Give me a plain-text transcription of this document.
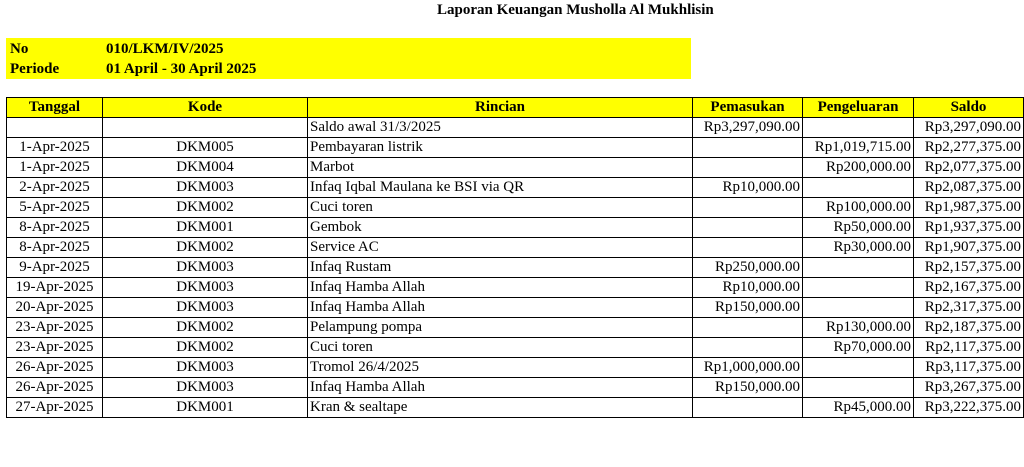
Laporan Keuangan Musholla Al Mukhlisin
No	010/LKM/IV/2025
Periode	01 April - 30 April 2025
Tanggal	Kode	Rincian	Pemasukan	Pengeluaran	Saldo
		Saldo awal 31/3/2025	Rp3,297,090.00		Rp3,297,090.00
1-Apr-2025	DKM005	Pembayaran listrik		Rp1,019,715.00	Rp2,277,375.00
1-Apr-2025	DKM004	Marbot		Rp200,000.00	Rp2,077,375.00
2-Apr-2025	DKM003	Infaq Iqbal Maulana ke BSI via QR	Rp10,000.00		Rp2,087,375.00
5-Apr-2025	DKM002	Cuci toren		Rp100,000.00	Rp1,987,375.00
8-Apr-2025	DKM001	Gembok		Rp50,000.00	Rp1,937,375.00
8-Apr-2025	DKM002	Service AC		Rp30,000.00	Rp1,907,375.00
9-Apr-2025	DKM003	Infaq Rustam	Rp250,000.00		Rp2,157,375.00
19-Apr-2025	DKM003	Infaq Hamba Allah	Rp10,000.00		Rp2,167,375.00
20-Apr-2025	DKM003	Infaq Hamba Allah	Rp150,000.00		Rp2,317,375.00
23-Apr-2025	DKM002	Pelampung pompa		Rp130,000.00	Rp2,187,375.00
23-Apr-2025	DKM002	Cuci toren		Rp70,000.00	Rp2,117,375.00
26-Apr-2025	DKM003	Tromol 26/4/2025	Rp1,000,000.00		Rp3,117,375.00
26-Apr-2025	DKM003	Infaq Hamba Allah	Rp150,000.00		Rp3,267,375.00
27-Apr-2025	DKM001	Kran & sealtape		Rp45,000.00	Rp3,222,375.00
